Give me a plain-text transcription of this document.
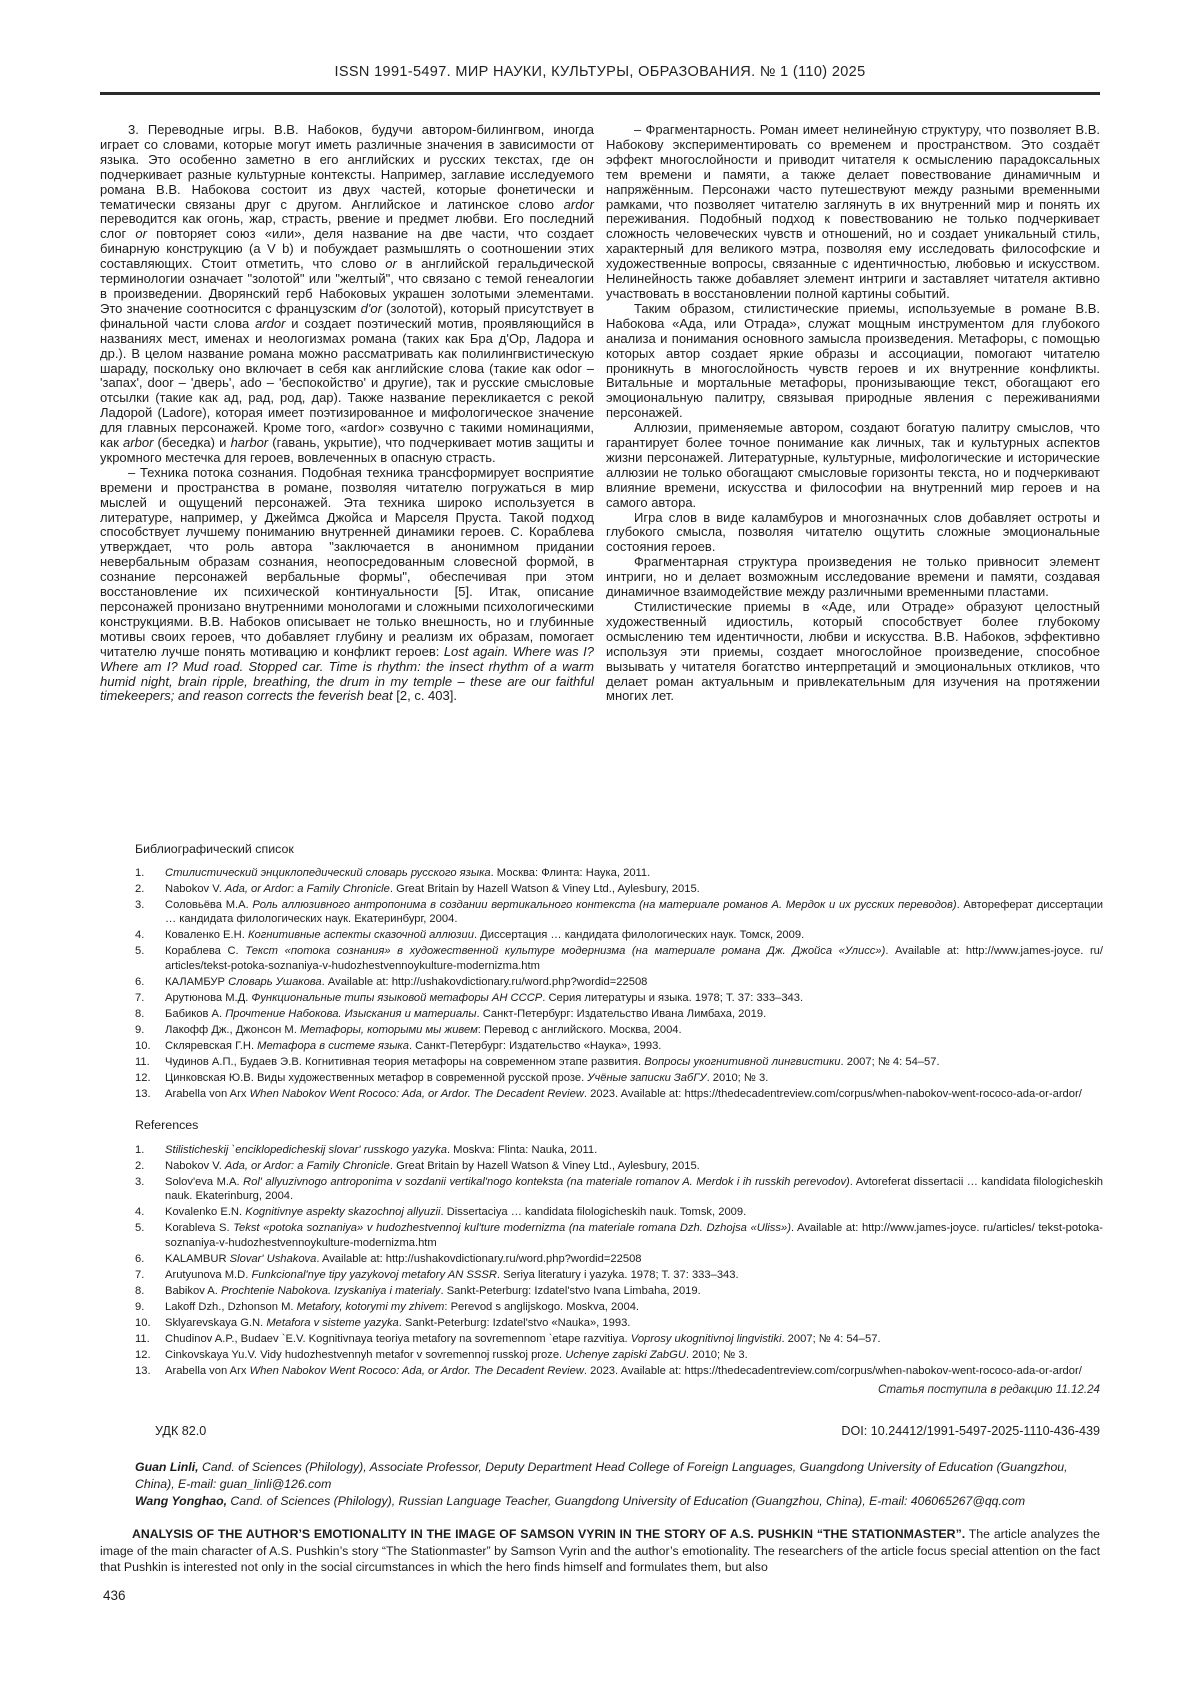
ISSN 1991-5497. МИР НАУКИ, КУЛЬТУРЫ, ОБРАЗОВАНИЯ. № 1 (110) 2025

3. Переводные игры. В.В. Набоков, будучи автором-билингвом, иногда играет со словами, которые могут иметь различные значения в зависимости от языка. Это особенно заметно в его английских и русских текстах, где он подчеркивает разные культурные контексты. Например, заглавие исследуемого романа В.В. Набокова состоит из двух частей, которые фонетически и тематически связаны друг с другом. Английское и латинское слово ardor переводится как огонь, жар, страсть, рвение и предмет любви. Его последний слог or повторяет союз «или», деля название на две части, что создает бинарную конструкцию (a V b) и побуждает размышлять о соотношении этих составляющих. Стоит отметить, что слово or в английской геральдической терминологии означает "золотой" или "желтый", что связано с темой генеалогии в произведении. Дворянский герб Набоковых украшен золотыми элементами. Это значение соотносится с французским d'or (золотой), который присутствует в финальной части слова ardor и создает поэтический мотив, проявляющийся в названиях мест, именах и неологизмах романа (таких как Бра д'Ор, Ладора и др.). В целом название романа можно рассматривать как полилингвистическую шараду, поскольку оно включает в себя как английские слова (такие как odor – 'запах', door – 'дверь', ado – 'беспокойство' и другие), так и русские смысловые отсылки (такие как ад, рад, род, дар). Также название перекликается с рекой Ладорой (Ladore), которая имеет поэтизированное и мифологическое значение для главных персонажей. Кроме того, «ardor» созвучно с такими номинациями, как arbor (беседка) и harbor (гавань, укрытие), что подчеркивает мотив защиты и укромного местечка для героев, вовлеченных в опасную страсть.

– Техника потока сознания. Подобная техника трансформирует восприятие времени и пространства в романе, позволяя читателю погружаться в мир мыслей и ощущений персонажей. Эта техника широко используется в литературе, например, у Джеймса Джойса и Марселя Пруста. Такой подход способствует лучшему пониманию внутренней динамики героев. С. Кораблева утверждает, что роль автора "заключается в анонимном придании невербальным образам сознания, неопосредованным словесной формой, в сознание персонажей вербальные формы", обеспечивая при этом восстановление их психической континуальности [5]. Итак, описание персонажей пронизано внутренними монологами и сложными психологическими конструкциями. В.В. Набоков описывает не только внешность, но и глубинные мотивы своих героев, что добавляет глубину и реализм их образам, помогает читателю лучше понять мотивацию и конфликт героев: Lost again. Where was I? Where am I? Mud road. Stopped car. Time is rhythm: the insect rhythm of a warm humid night, brain ripple, breathing, the drum in my temple – these are our faithful timekeepers; and reason corrects the feverish beat [2, с. 403].

– Фрагментарность. Роман имеет нелинейную структуру, что позволяет В.В. Набокову экспериментировать со временем и пространством. Это создаёт эффект многослойности и приводит читателя к осмыслению парадоксальных тем времени и памяти, а также делает повествование динамичным и напряжённым. Персонажи часто путешествуют между разными временными рамками, что позволяет читателю заглянуть в их внутренний мир и понять их переживания. Подобный подход к повествованию не только подчеркивает сложность человеческих чувств и отношений, но и создает уникальный стиль, характерный для великого мэтра, позволяя ему исследовать философские и художественные вопросы, связанные с идентичностью, любовью и искусством. Нелинейность также добавляет элемент интриги и заставляет читателя активно участвовать в восстановлении полной картины событий.

Таким образом, стилистические приемы, используемые в романе В.В. Набокова «Ада, или Отрада», служат мощным инструментом для глубокого анализа и понимания основного замысла произведения. Метафоры, с помощью которых автор создает яркие образы и ассоциации, помогают читателю проникнуть в многослойность чувств героев и их внутренние конфликты. Витальные и мортальные метафоры, пронизывающие текст, обогащают его эмоциональную палитру, связывая природные явления с переживаниями персонажей.

Аллюзии, применяемые автором, создают богатую палитру смыслов, что гарантирует более точное понимание как личных, так и культурных аспектов жизни персонажей. Литературные, культурные, мифологические и исторические аллюзии не только обогащают смысловые горизонты текста, но и подчеркивают влияние времени, искусства и философии на внутренний мир героев и на самого автора.

Игра слов в виде каламбуров и многозначных слов добавляет остроты и глубокого смысла, позволяя читателю ощутить сложные эмоциональные состояния героев.

Фрагментарная структура произведения не только привносит элемент интриги, но и делает возможным исследование времени и памяти, создавая динамичное взаимодействие между различными временными пластами.

Стилистические приемы в «Аде, или Отраде» образуют целостный художественный идиостиль, который способствует более глубокому осмыслению тем идентичности, любви и искусства. В.В. Набоков, эффективно используя эти приемы, создает многослойное произведение, способное вызывать у читателя богатство интерпретаций и эмоциональных откликов, что делает роман актуальным и привлекательным для изучения на протяжении многих лет.

Библиографический список
Стилистический энциклопедический словарь русского языка. Москва: Флинта: Наука, 2011.
Nabokov V. Ada, or Ardor: a Family Chronicle. Great Britain by Hazell Watson & Viney Ltd., Aylesbury, 2015.
Соловьёва М.А. Роль аллюзивного антропонима в создании вертикального контекста (на материале романов А. Мердок и их русских переводов). Автореферат диссертации … кандидата филологических наук. Екатеринбург, 2004.
Коваленко Е.Н. Когнитивные аспекты сказочной аллюзии. Диссертация … кандидата филологических наук. Томск, 2009.
Кораблева С. Текст «потока сознания» в художественной культуре модернизма (на материале романа Дж. Джойса «Улисс»). Available at: http://www.james-joyce. ru/ articles/tekst-potoka-soznaniya-v-hudozhestvennoykulture-modernizma.htm
КАЛАМБУР Словарь Ушакова. Available at: http://ushakovdictionary.ru/word.php?wordid=22508
Арутюнова М.Д. Функциональные типы языковой метафоры АН СССР. Серия литературы и языка. 1978; Т. 37: 333–343.
Бабиков А. Прочтение Набокова. Изыскания и материалы. Санкт-Петербург: Издательство Ивана Лимбаха, 2019.
Лакофф Дж., Джонсон М. Метафоры, которыми мы живем: Перевод с английского. Москва, 2004.
Скляревская Г.Н. Метафора в системе языка. Санкт-Петербург: Издательство «Наука», 1993.
Чудинов А.П., Будаев Э.В. Когнитивная теория метафоры на современном этапе развития. Вопросы укогнитивной лингвистики. 2007; № 4: 54–57.
Цинковская Ю.В. Виды художественных метафор в современной русской прозе. Учёные записки ЗабГУ. 2010; № 3.
Arabella von Arx When Nabokov Went Rococo: Ada, or Ardor. The Decadent Review. 2023. Available at: https://thedecadentreview.com/corpus/when-nabokov-went-rococo-ada-or-ardor/
References
Stilisticheskij `enciklopedicheskij slovar' russkogo yazyka. Moskva: Flinta: Nauka, 2011.
Nabokov V. Ada, or Ardor: a Family Chronicle. Great Britain by Hazell Watson & Viney Ltd., Aylesbury, 2015.
Solov'eva M.A. Rol' allyuzivnogo antroponima v sozdanii vertikal'nogo konteksta (na materiale romanov A. Merdok i ih russkih perevodov). Avtoreferat dissertacii … kandidata filologicheskih nauk. Ekaterinburg, 2004.
Kovalenko E.N. Kognitivnye aspekty skazochnoj allyuzii. Dissertaciya … kandidata filologicheskih nauk. Tomsk, 2009.
Korableva S. Tekst «potoka soznaniya» v hudozhestvennoj kul'ture modernizma (na materiale romana Dzh. Dzhojsa «Uliss»). Available at: http://www.james-joyce. ru/articles/ tekst-potoka-soznaniya-v-hudozhestvennoykulture-modernizma.htm
KALAMBUR Slovar' Ushakova. Available at: http://ushakovdictionary.ru/word.php?wordid=22508
Arutyunova M.D. Funkcional'nye tipy yazykovoj metafory AN SSSR. Seriya literatury i yazyka. 1978; T. 37: 333–343.
Babikov A. Prochtenie Nabokova. Izyskaniya i materialy. Sankt-Peterburg: Izdatel'stvo Ivana Limbaha, 2019.
Lakoff Dzh., Dzhonson M. Metafory, kotorymi my zhivem: Perevod s anglijskogo. Moskva, 2004.
Sklyarevskaya G.N. Metafora v sisteme yazyka. Sankt-Peterburg: Izdatel'stvo «Nauka», 1993.
Chudinov A.P., Budaev `E.V. Kognitivnaya teoriya metafory na sovremennom `etape razvitiya. Voprosy ukognitivnoj lingvistiki. 2007; № 4: 54–57.
Cinkovskaya Yu.V. Vidy hudozhestvennyh metafor v sovremennoj russkoj proze. Uchenye zapiski ZabGU. 2010; № 3.
Arabella von Arx When Nabokov Went Rococo: Ada, or Ardor. The Decadent Review. 2023. Available at: https://thedecadentreview.com/corpus/when-nabokov-went-rococo-ada-or-ardor/
Статья поступила в редакцию 11.12.24
УДК 82.0	DOI: 10.24412/1991-5497-2025-1110-436-439

Guan Linli, Cand. of Sciences (Philology), Associate Professor, Deputy Department Head College of Foreign Languages, Guangdong University of Education (Guangzhou, China), E-mail: guan_linli@126.com

Wang Yonghao, Cand. of Sciences (Philology), Russian Language Teacher, Guangdong University of Education (Guangzhou, China), E-mail: 406065267@qq.com

ANALYSIS OF THE AUTHOR’S EMOTIONALITY IN THE IMAGE OF SAMSON VYRIN IN THE STORY OF A.S. PUSHKIN “THE STATIONMASTER”. The article analyzes the image of the main character of A.S. Pushkin’s story “The Stationmaster” by Samson Vyrin and the author’s emotionality. The researchers of the article focus special attention on the fact that Pushkin is interested not only in the social circumstances in which the hero finds himself and formulates them, but also
436
